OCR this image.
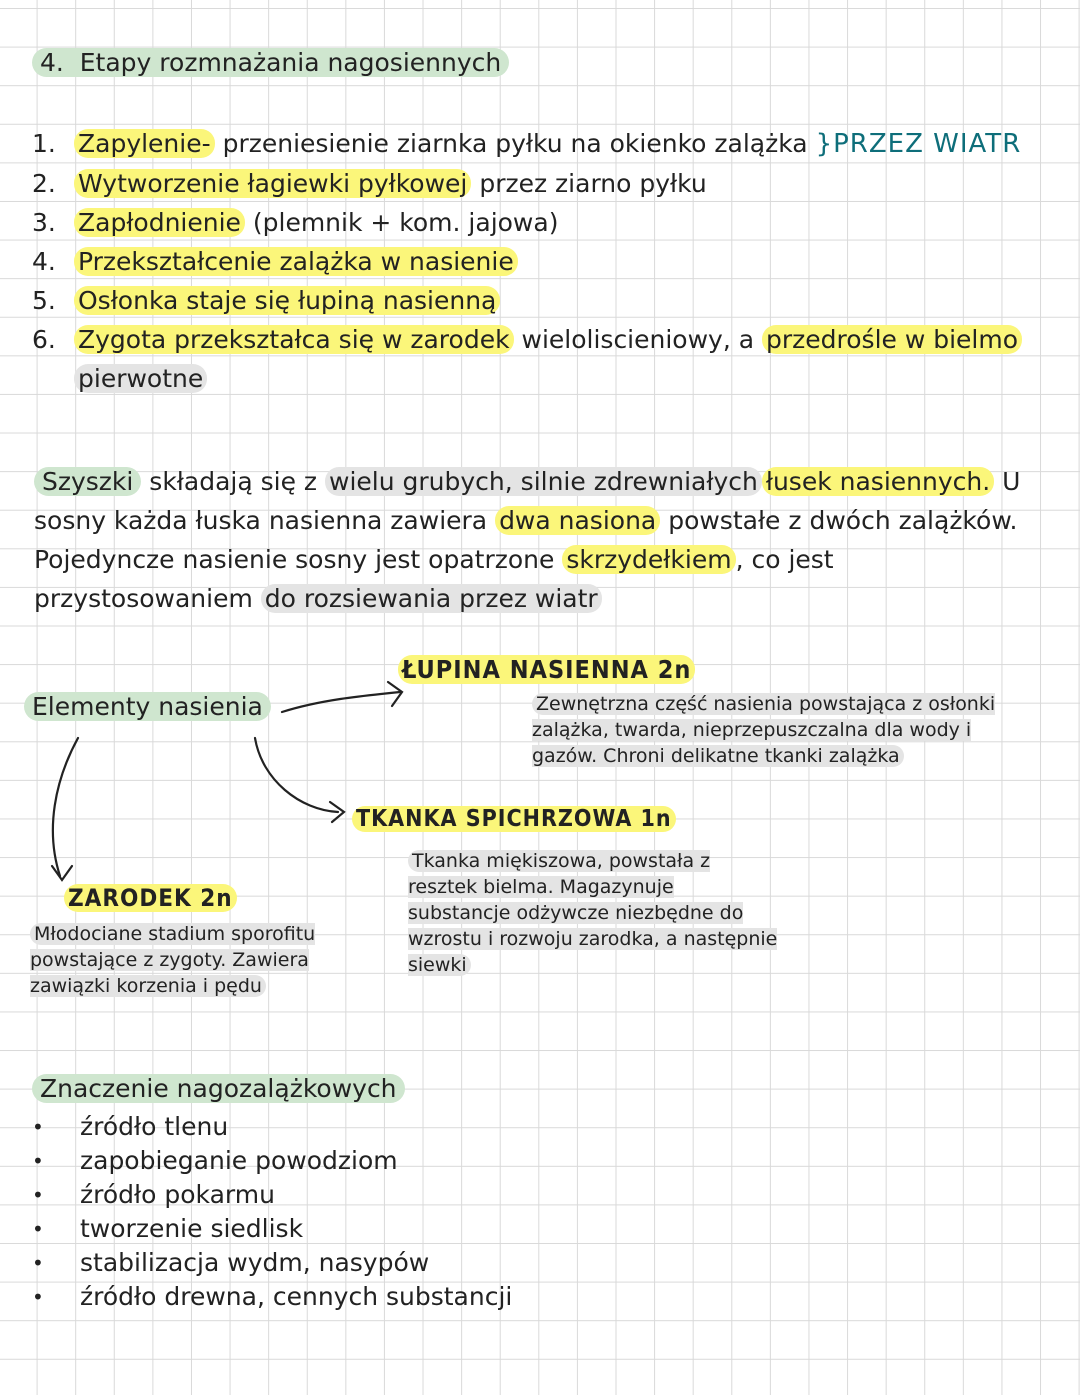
4. Etapy rozmnażania nagosiennych
1. Zapylenie- przeniesienie ziarnka pyłku na okienko zalążka }PRZEZ WIATR
2. Wytworzenie łagiewki pyłkowej przez ziarno pyłku
3. Zapłodnienie (plemnik + kom. jajowa)
4. Przekształcenie zalążka w nasienie
5. Osłonka staje się łupiną nasienną
6. Zygota przekształca się w zarodek wieloliscieniowy, a przedrośle w bielmo
pierwotne
Szyszki składają się z wielu grubych, silnie zdrewniałych łusek nasiennych. U sosny każda łuska nasienna zawiera dwa nasiona powstałe z dwóch zalążków. Pojedyncze nasienie sosny jest opatrzone skrzydełkiem , co jest przystosowaniem do rozsiewania przez wiatr
Elementy nasienia
ŁUPINA NASIENNA 2n
Zewnętrzna część nasienia powstająca z osłonki zalążka, twarda, nieprzepuszczalna dla wody i gazów. Chroni delikatne tkanki zalążka
TKANKA SPICHRZOWA 1n
Tkanka miękiszowa, powstała z resztek bielma. Magazynuje substancje odżywcze niezbędne do wzrostu i rozwoju zarodka, a następnie siewki
ZARODEK 2n
Młodociane stadium sporofitu powstające z zygoty. Zawiera zawiązki korzenia i pędu
Znaczenie nagozalążkowych
• źródło tlenu
• zapobieganie powodziom
• źródło pokarmu
• tworzenie siedlisk
• stabilizacja wydm, nasypów
• źródło drewna, cennych substancji
